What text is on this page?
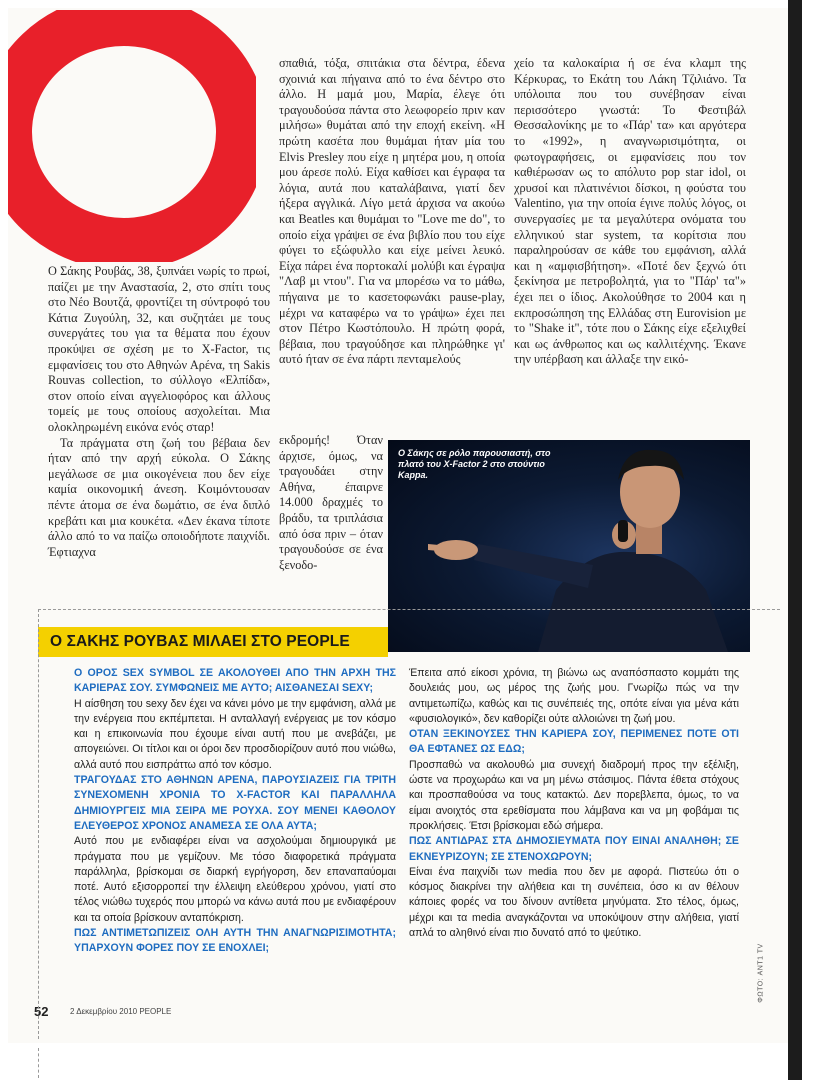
Ο Σάκης Ρουβάς, 38, ξυπνάει νωρίς το πρωί, παίζει με την Αναστασία, 2, στο σπίτι τους στο Νέο Βουτζά, φροντίζει τη σύντροφό του Κάτια Ζυγούλη, 32, και συζητάει με τους συνεργάτες του για τα θέματα που έχουν προκύψει σε σχέση με το X-Factor, τις εμφανίσεις του στο Αθηνών Αρένα, τη Sakis Rouvas collection, το σύλλογο «Ελπίδα», στον οποίο είναι αγγελιοφόρος και άλλους τομείς με τους οποίους ασχολείται. Μια ολοκληρωμένη εικόνα ενός σταρ!

Τα πράγματα στη ζωή του βέβαια δεν ήταν από την αρχή εύκολα. Ο Σάκης μεγάλωσε σε μια οικογένεια που δεν είχε καμία οικονομική άνεση. Κοιμόντουσαν πέντε άτομα σε ένα δωμάτιο, σε ένα διπλό κρεβάτι και μια κουκέτα. «Δεν έκανα τίποτε άλλο από το να παίζω οποιοδήποτε παιχνίδι. Έφτιαχνα

σπαθιά, τόξα, σπιτάκια στα δέντρα, έδενα σχοινιά και πήγαινα από το ένα δέντρο στο άλλο. Η μαμά μου, Μαρία, έλεγε ότι τραγουδούσα πάντα στο λεωφορείο πριν καν μιλήσω» θυμάται από την εποχή εκείνη. «Η πρώτη κασέτα που θυμάμαι ήταν μία του Elvis Presley που είχε η μητέρα μου, η οποία μου άρεσε πολύ. Είχα καθίσει και έγραφα τα λόγια, αυτά που καταλάβαινα, γιατί δεν ήξερα αγγλικά. Λίγο μετά άρχισα να ακούω και Beatles και θυμάμαι το "Love me do", το οποίο είχα γράψει σε ένα βιβλίο που του είχε φύγει το εξώφυλλο και είχε μείνει λευκό. Είχα πάρει ένα πορτοκαλί μολύβι και έγραψα "Λαβ μι ντου". Για να μπορέσω να το μάθω, πήγαινα με το κασετοφωνάκι pause-play, μέχρι να καταφέρω να το γράψω» έχει πει στον Πέτρο Κωστόπουλο. Η πρώτη φορά, βέβαια, που τραγούδησε και πληρώθηκε γι' αυτό ήταν σε ένα πάρτι πενταμελούς

εκδρομής! Όταν άρχισε, όμως, να τραγουδάει στην Αθήνα, έπαιρνε 14.000 δραχμές το βράδυ, τα τριπλάσια από όσα πριν – όταν τραγουδούσε σε ένα ξενοδο-

χείο τα καλοκαίρια ή σε ένα κλαμπ της Κέρκυρας, το Εκάτη του Λάκη Τζιλιάνο. Τα υπόλοιπα που του συνέβησαν είναι περισσότερο γνωστά: Το Φεστιβάλ Θεσσαλονίκης με το «Πάρ' τα» και αργότερα το «1992», η αναγνωρισιμότητα, οι φωτογραφήσεις, οι εμφανίσεις που τον καθιέρωσαν ως το απόλυτο pop star idol, οι χρυσοί και πλατινένιοι δίσκοι, η φούστα του Valentino, για την οποία έγινε πολύς λόγος, οι συνεργασίες με τα μεγαλύτερα ονόματα του ελληνικού star system, τα κορίτσια που παραληρούσαν σε κάθε του εμφάνιση, αλλά και η «αμφισβήτηση». «Ποτέ δεν ξεχνώ ότι ξεκίνησα με πετροβολητά, για το "Πάρ' τα"» έχει πει ο ίδιος. Ακολούθησε το 2004 και η εκπροσώπηση της Ελλάδας στη Eurovision με το "Shake it", τότε που ο Σάκης είχε εξελιχθεί και ως άνθρωπος και ως καλλιτέχνης. Έκανε την υπέρβαση και άλλαξε την εικό-

Ο Σάκης σε ρόλο παρουσιαστή, στο πλατό του X-Factor 2 στο στούντιο Kappa.
Ο ΣΑΚΗΣ ΡΟΥΒΑΣ ΜΙΛΑΕΙ ΣΤΟ PEOPLE
Ο ΟΡΟΣ SEX SYMBOL ΣΕ ΑΚΟΛΟΥΘΕΙ ΑΠΟ ΤΗΝ ΑΡΧΗ ΤΗΣ ΚΑΡΙΕΡΑΣ ΣΟΥ. ΣΥΜΦΩΝΕΙΣ ΜΕ ΑΥΤΟ; ΑΙΣΘΑΝΕΣΑΙ SEXY;
Η αίσθηση του sexy δεν έχει να κάνει μόνο με την εμφάνιση, αλλά με την ενέργεια που εκπέμπεται. Η ανταλλαγή ενέργειας με τον κόσμο και η επικοινωνία που έχουμε είναι αυτή που με ανεβάζει, με απογειώνει. Οι τίτλοι και οι όροι δεν προσδιορίζουν αυτό που νιώθω, αλλά αυτό που εισπράττω από τον κόσμο.
ΤΡΑΓΟΥΔΑΣ ΣΤΟ ΑΘΗΝΩΝ ΑΡΕΝΑ, ΠΑΡΟΥΣΙΑΖΕΙΣ ΓΙΑ ΤΡΙΤΗ ΣΥΝΕΧΟΜΕΝΗ ΧΡΟΝΙΑ ΤΟ X-FACTOR ΚΑΙ ΠΑΡΑΛΛΗΛΑ ΔΗΜΙΟΥΡΓΕΙΣ ΜΙΑ ΣΕΙΡΑ ΜΕ ΡΟΥΧΑ. ΣΟΥ ΜΕΝΕΙ ΚΑΘΟΛΟΥ ΕΛΕΥΘΕΡΟΣ ΧΡΟΝΟΣ ΑΝΑΜΕΣΑ ΣΕ ΟΛΑ ΑΥΤΑ;
Αυτό που με ενδιαφέρει είναι να ασχολούμαι δημιουργικά με πράγματα που με γεμίζουν. Με τόσο διαφορετικά πράγματα παράλληλα, βρίσκομαι σε διαρκή εγρήγορση, δεν επαναπαύομαι ποτέ. Αυτό εξισορροπεί την έλλειψη ελεύθερου χρόνου, γιατί στο τέλος νιώθω τυχερός που μπορώ να κάνω αυτά που με ενδιαφέρουν και τα οποία βρίσκουν ανταπόκριση.
ΠΩΣ ΑΝΤΙΜΕΤΩΠΙΖΕΙΣ ΟΛΗ ΑΥΤΗ ΤΗΝ ΑΝΑΓΝΩΡΙΣΙΜΟΤΗΤΑ; ΥΠΑΡΧΟΥΝ ΦΟΡΕΣ ΠΟΥ ΣΕ ΕΝΟΧΛΕΙ;
Έπειτα από είκοσι χρόνια, τη βιώνω ως αναπόσπαστο κομμάτι της δουλειάς μου, ως μέρος της ζωής μου. Γνωρίζω πώς να την αντιμετωπίζω, καθώς και τις συνέπειές της, οπότε είναι για μένα κάτι «φυσιολογικό», δεν καθορίζει ούτε αλλοιώνει τη ζωή μου.
ΟΤΑΝ ΞΕΚΙΝΟΥΣΕΣ ΤΗΝ ΚΑΡΙΕΡΑ ΣΟΥ, ΠΕΡΙΜΕΝΕΣ ΠΟΤΕ ΟΤΙ ΘΑ ΕΦΤΑΝΕΣ ΩΣ ΕΔΩ;
Προσπαθώ να ακολουθώ μια συνεχή διαδρομή προς την εξέλιξη, ώστε να προχωράω και να μη μένω στάσιμος. Πάντα έθετα στόχους και προσπαθούσα να τους κατακτώ. Δεν πορεβλεπα, όμως, το να είμαι ανοιχτός στα ερεθίσματα που λάμβανα και να μη φοβάμαι τις προκλήσεις. Έτσι βρίσκομαι εδώ σήμερα.
ΠΩΣ ΑΝΤΙΔΡΑΣ ΣΤΑ ΔΗΜΟΣΙΕΥΜΑΤΑ ΠΟΥ ΕΙΝΑΙ ΑΝΑΛΗΘΗ; ΣΕ ΕΚΝΕΥΡΙΖΟΥΝ; ΣΕ ΣΤΕΝΟΧΩΡΟΥΝ;
Είναι ένα παιχνίδι των media που δεν με αφορά. Πιστεύω ότι ο κόσμος διακρίνει την αλήθεια και τη συνέπεια, όσο κι αν θέλουν κάποιες φορές να του δίνουν αντίθετα μηνύματα. Στο τέλος, όμως, μέχρι και τα media αναγκάζονται να υποκύψουν στην αλήθεια, γιατί απλά το αληθινό είναι πιο δυνατό από το ψεύτικο.
ΦΩΤΟ: ANT1 TV
52	2 Δεκεμβρίου 2010 PEOPLE
